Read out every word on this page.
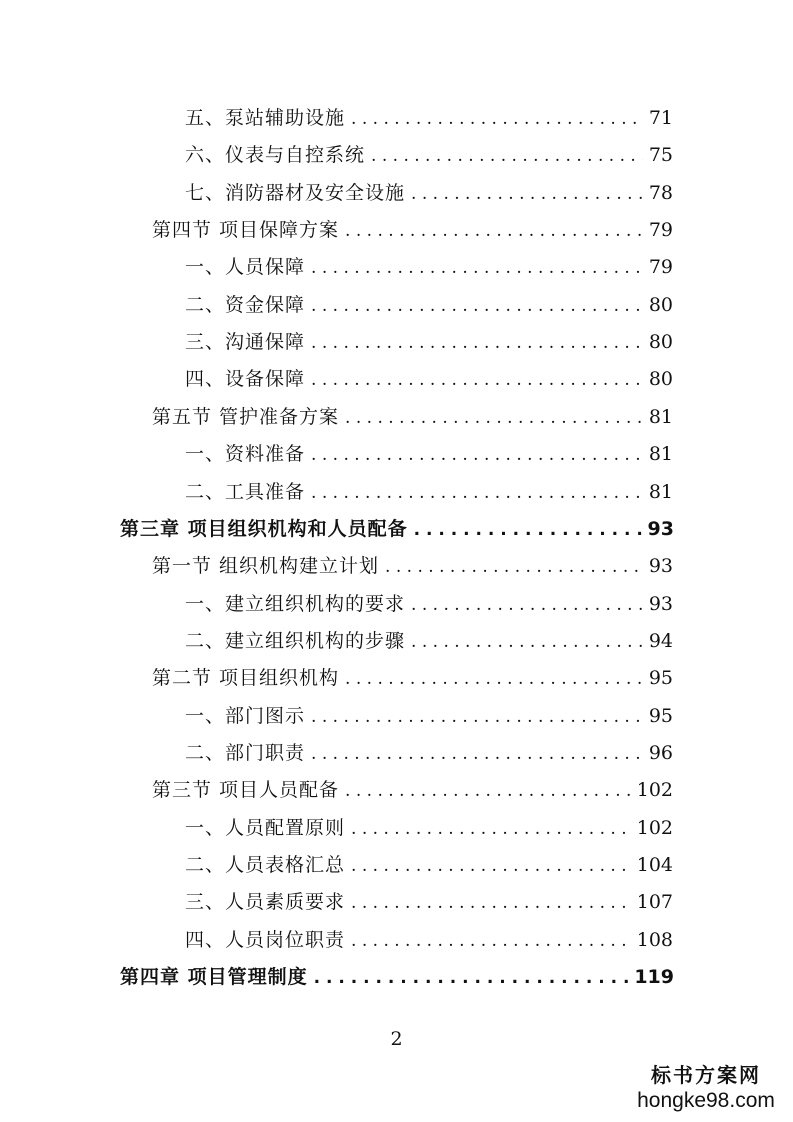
五、泵站辅助设施 . . .	71
六、仪表与自控系统 . . .	75
七、消防器材及安全设施 . . .	78
第四节 项目保障方案 . . .	79
一、人员保障 . . .	79
二、资金保障 . . .	80
三、沟通保障 . . .	80
四、设备保障 . . .	80
第五节 管护准备方案 . . .	81
一、资料准备 . . .	81
二、工具准备 . . .	81
第三章 项目组织机构和人员配备 . . .	93
第一节 组织机构建立计划 . . .	93
一、建立组织机构的要求 . . .	93
二、建立组织机构的步骤 . . .	94
第二节 项目组织机构 . . .	95
一、部门图示 . . .	95
二、部门职责 . . .	96
第三节 项目人员配备 . . .	102
一、人员配置原则 . . .	102
二、人员表格汇总 . . .	104
三、人员素质要求 . . .	107
四、人员岗位职责 . . .	108
第四章 项目管理制度 . . .	119
2
标书方案网
hongke98.com
